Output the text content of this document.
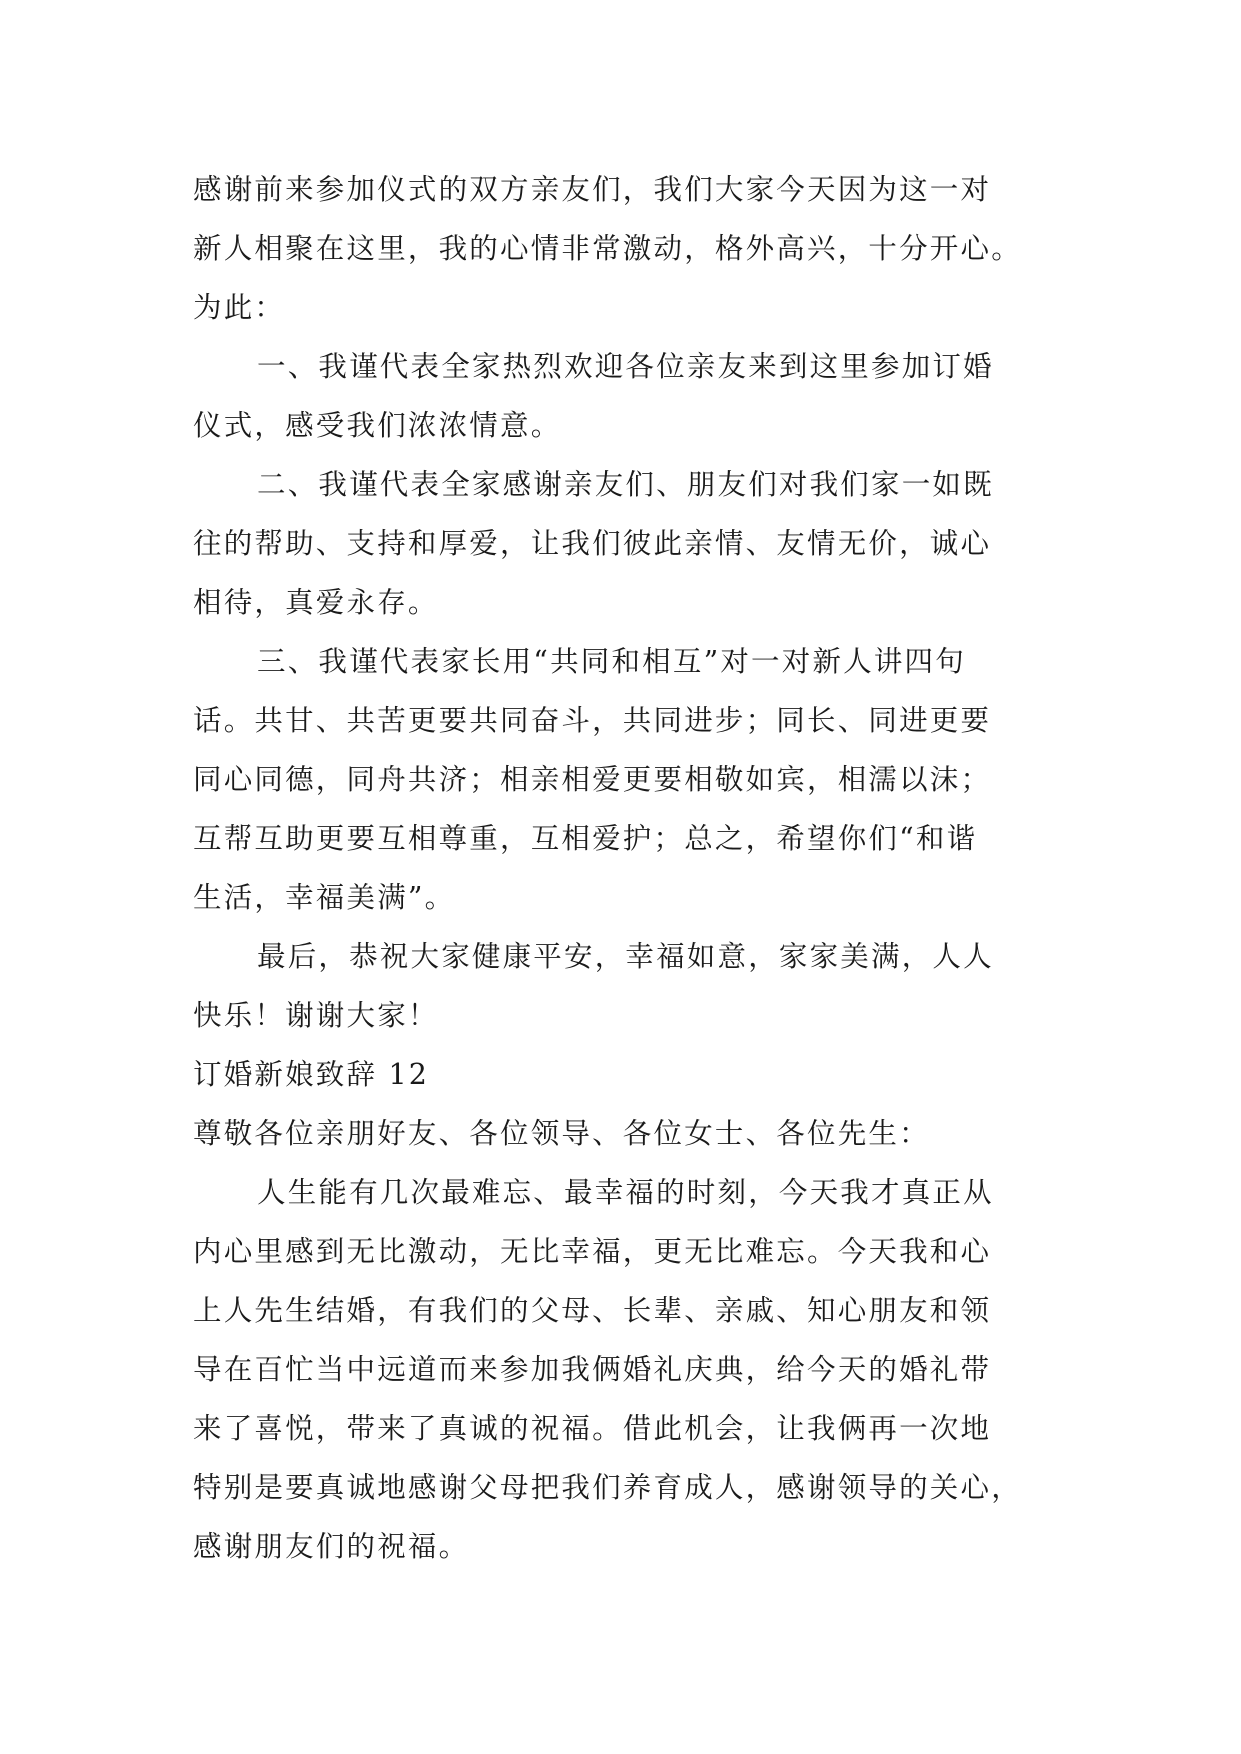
感谢前来参加仪式的双方亲友们，我们大家今天因为这一对
新人相聚在这里，我的心情非常激动，格外高兴，十分开心。
为此：
一、我谨代表全家热烈欢迎各位亲友来到这里参加订婚
仪式，感受我们浓浓情意。
二、我谨代表全家感谢亲友们、朋友们对我们家一如既
往的帮助、支持和厚爱，让我们彼此亲情、友情无价，诚心
相待，真爱永存。
三、我谨代表家长用“共同和相互”对一对新人讲四句
话。共甘、共苦更要共同奋斗，共同进步；同长、同进更要
同心同德，同舟共济；相亲相爱更要相敬如宾，相濡以沫；
互帮互助更要互相尊重，互相爱护；总之，希望你们“和谐
生活，幸福美满”。
最后，恭祝大家健康平安，幸福如意，家家美满，人人
快乐！谢谢大家！
订婚新娘致辞 12
尊敬各位亲朋好友、各位领导、各位女士、各位先生：
人生能有几次最难忘、最幸福的时刻，今天我才真正从
内心里感到无比激动，无比幸福，更无比难忘。今天我和心
上人先生结婚，有我们的父母、长辈、亲戚、知心朋友和领
导在百忙当中远道而来参加我俩婚礼庆典，给今天的婚礼带
来了喜悦，带来了真诚的祝福。借此机会，让我俩再一次地
特别是要真诚地感谢父母把我们养育成人，感谢领导的关心，
感谢朋友们的祝福。
